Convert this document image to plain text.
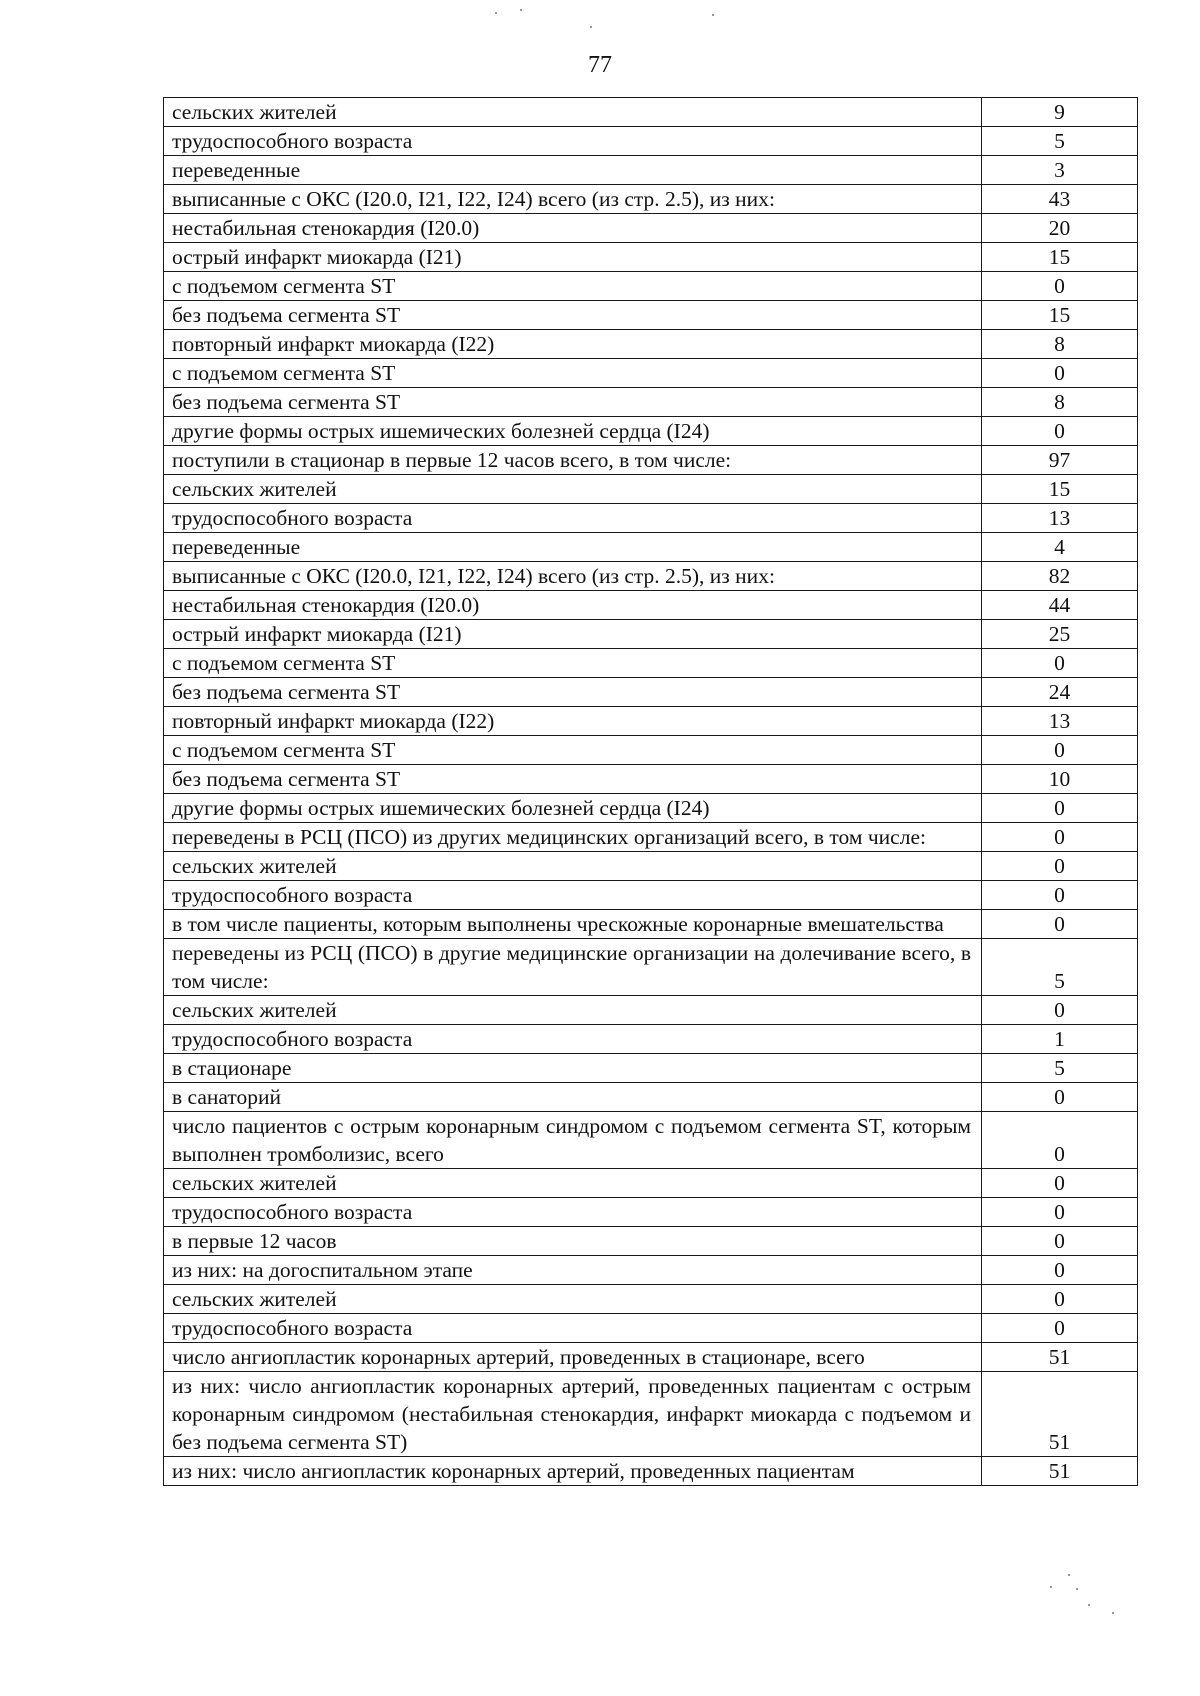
77
сельских жителей	9
трудоспособного возраста	5
переведенные	3
выписанные с ОКС (I20.0, I21, I22, I24) всего (из стр. 2.5), из них:	43
нестабильная стенокардия (I20.0)	20
острый инфаркт миокарда (I21)	15
с подъемом сегмента ST	0
без подъема сегмента ST	15
повторный инфаркт миокарда (I22)	8
с подъемом сегмента ST	0
без подъема сегмента ST	8
другие формы острых ишемических болезней сердца (I24)	0
поступили в стационар в первые 12 часов всего, в том числе:	97
сельских жителей	15
трудоспособного возраста	13
переведенные	4
выписанные с ОКС (I20.0, I21, I22, I24) всего (из стр. 2.5), из них:	82
нестабильная стенокардия (I20.0)	44
острый инфаркт миокарда (I21)	25
с подъемом сегмента ST	0
без подъема сегмента ST	24
повторный инфаркт миокарда (I22)	13
с подъемом сегмента ST	0
без подъема сегмента ST	10
другие формы острых ишемических болезней сердца (I24)	0
переведены в РСЦ (ПСО) из других медицинских организаций всего, в том числе:	0
сельских жителей	0
трудоспособного возраста	0
в том числе пациенты, которым выполнены чрескожные коронарные вмешательства	0
переведены из РСЦ (ПСО) в другие медицинские организации на долечивание всего, в том числе:	5
сельских жителей	0
трудоспособного возраста	1
в стационаре	5
в санаторий	0
число пациентов с острым коронарным синдромом с подъемом сегмента ST, которым выполнен тромболизис, всего	0
сельских жителей	0
трудоспособного возраста	0
в первые 12 часов	0
из них: на догоспитальном этапе	0
сельских жителей	0
трудоспособного возраста	0
число ангиопластик коронарных артерий, проведенных в стационаре, всего	51
из них: число ангиопластик коронарных артерий, проведенных пациентам с острым коронарным синдромом (нестабильная стенокардия, инфаркт миокарда с подъемом и без подъема сегмента ST)	51
из них: число ангиопластик коронарных артерий, проведенных пациентам	51
